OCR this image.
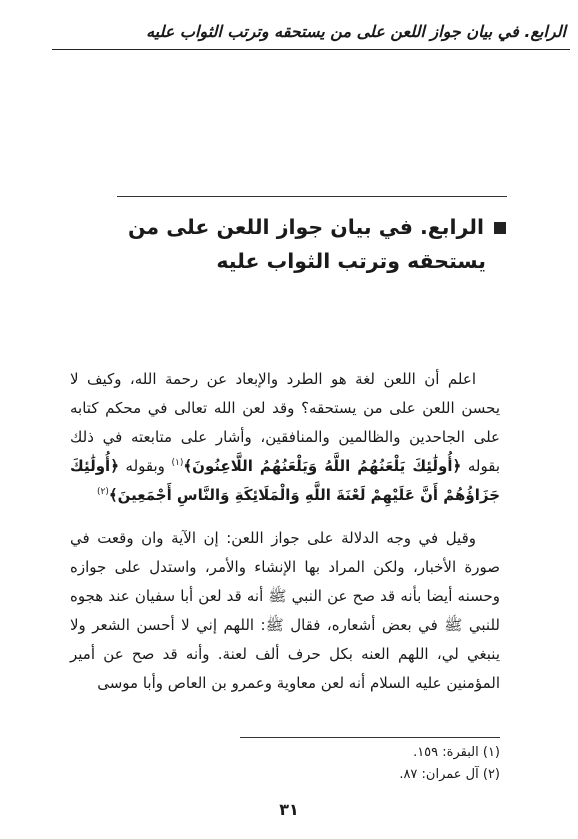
الرابع. في بيان جواز اللعن على من يستحقه وترتب الثواب عليه
الرابع. في بيان جواز اللعن على من
يستحقه وترتب الثواب عليه

اعلم أن اللعن لغة هو الطرد والإبعاد عن رحمة الله، وكيف لا يحسن اللعن على من يستحقه؟ وقد لعن الله تعالى في محكم كتابه على الجاحدين والظالمين والمنافقين، وأشار على متابعته في ذلك بقوله ﴿أُولَٰئِكَ يَلْعَنُهُمُ اللَّهُ وَيَلْعَنُهُمُ اللَّاعِنُونَ﴾$^{(١)}$ وبقوله ﴿أُولَٰئِكَ جَزَاؤُهُمْ أَنَّ عَلَيْهِمْ لَعْنَةَ اللَّهِ وَالْمَلَائِكَةِ وَالنَّاسِ أَجْمَعِينَ﴾$^{(٢)}$

وقيل في وجه الدلالة على جواز اللعن: إن الآية وان وقعت في صورة الأخبار، ولكن المراد بها الإنشاء والأمر، واستدل على جوازه وحسنه أيضا بأنه قد صح عن النبي ﷺ أنه قد لعن أبا سفيان عند هجوه للنبي ﷺ في بعض أشعاره، فقال ﷺ: اللهم إني لا أحسن الشعر ولا ينبغي لي، اللهم العنه بكل حرف ألف لعنة. وأنه قد صح عن أمير المؤمنين عليه السلام أنه لعن معاوية وعمرو بن العاص وأبا موسى

(١) البقرة: ١٥٩.
(٢) آل عمران: ٨٧.
٣١
